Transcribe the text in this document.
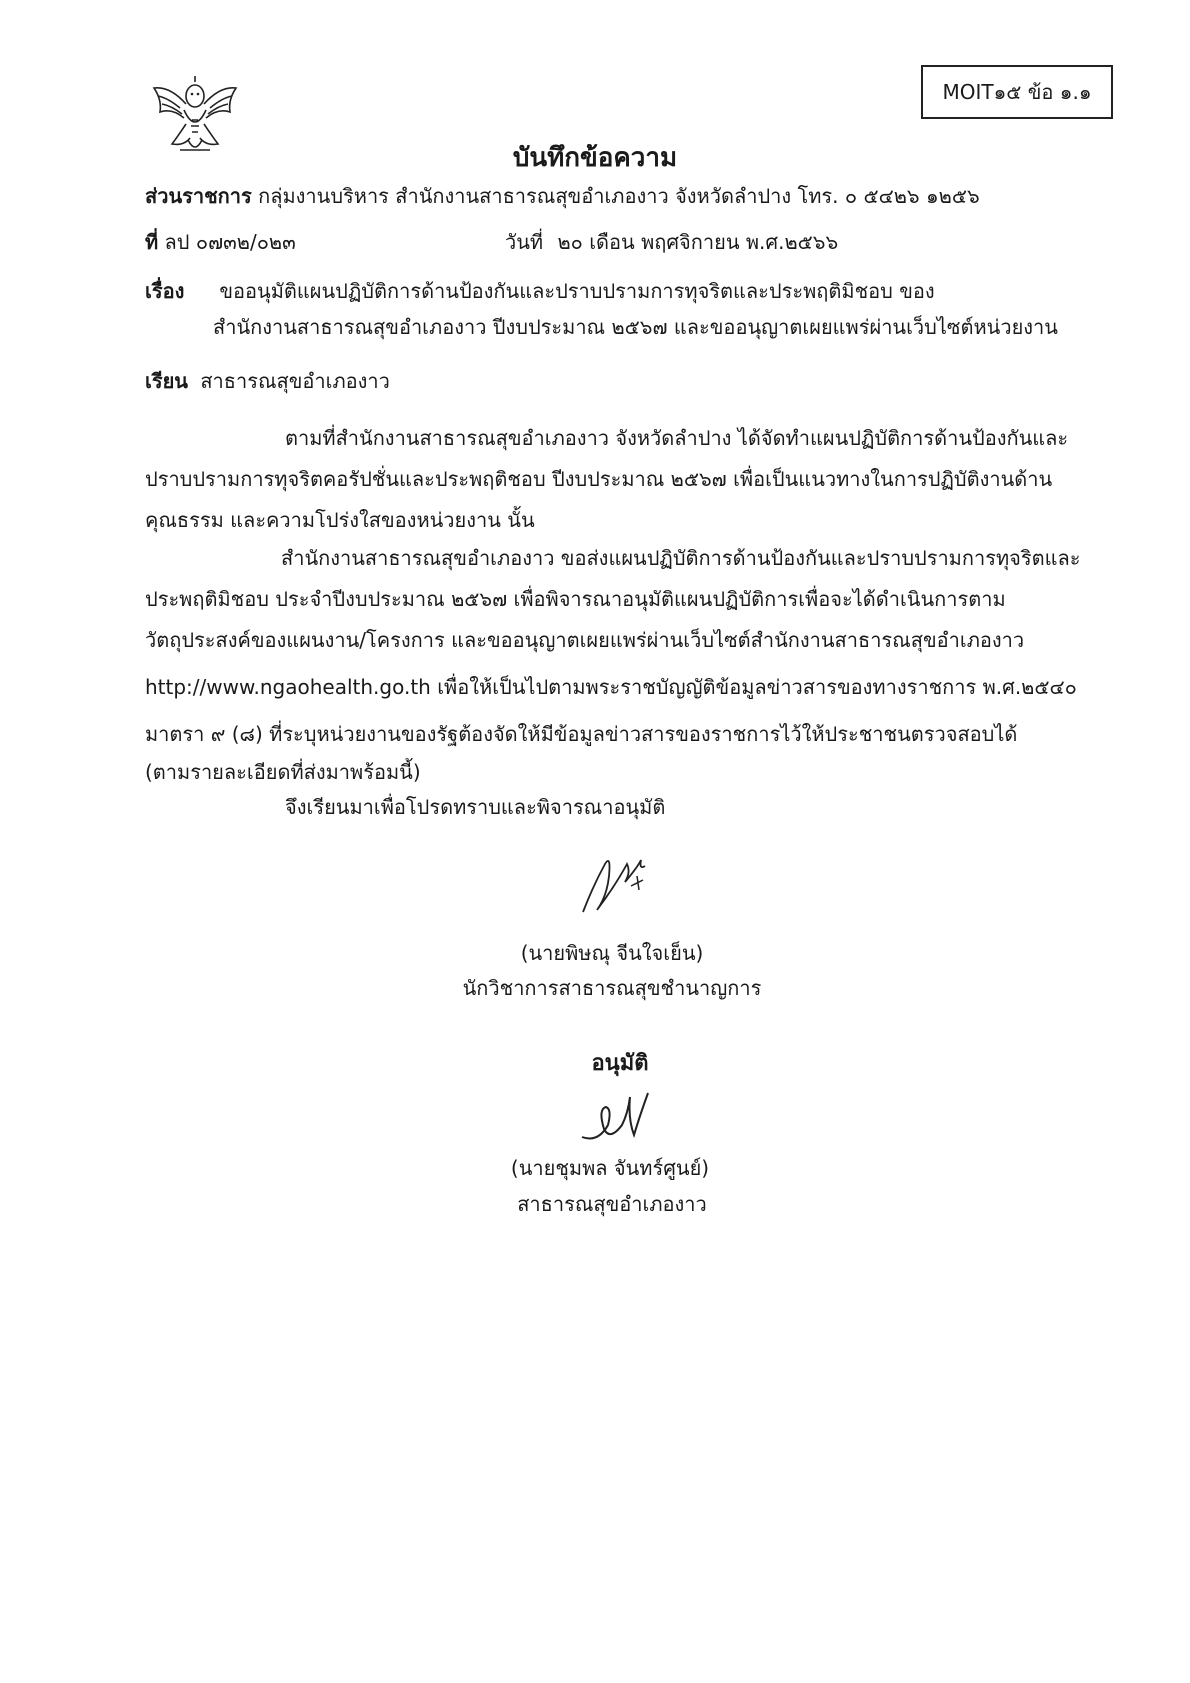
MOIT๑๕ ข้อ ๑.๑
บันทึกข้อความ
ส่วนราชการ กลุ่มงานบริหาร สำนักงานสาธารณสุขอำเภองาว จังหวัดลำปาง โทร. ๐ ๕๔๒๖ ๑๒๕๖
ที่ ลป ๐๗๓๒/๐๒๓	วันที่ ๒๐ เดือน พฤศจิกายน พ.ศ.๒๕๖๖
เรื่อง ขออนุมัติแผนปฏิบัติการด้านป้องกันและปราบปรามการทุจริตและประพฤติมิชอบ ของ
สำนักงานสาธารณสุขอำเภองาว ปีงบประมาณ ๒๕๖๗ และขออนุญาตเผยแพร่ผ่านเว็บไซต์หน่วยงาน
เรียน สาธารณสุขอำเภองาว
ตามที่สำนักงานสาธารณสุขอำเภองาว จังหวัดลำปาง ได้จัดทำแผนปฏิบัติการด้านป้องกันและ
ปราบปรามการทุจริตคอรัปชั่นและประพฤติชอบ ปีงบประมาณ ๒๕๖๗ เพื่อเป็นแนวทางในการปฏิบัติงานด้าน
คุณธรรม และความโปร่งใสของหน่วยงาน นั้น
สำนักงานสาธารณสุขอำเภองาว ขอส่งแผนปฏิบัติการด้านป้องกันและปราบปรามการทุจริตและ
ประพฤติมิชอบ ประจำปีงบประมาณ ๒๕๖๗ เพื่อพิจารณาอนุมัติแผนปฏิบัติการเพื่อจะได้ดำเนินการตาม
วัตถุประสงค์ของแผนงาน/โครงการ และขออนุญาตเผยแพร่ผ่านเว็บไซต์สำนักงานสาธารณสุขอำเภองาว
http://www.ngaohealth.go.th เพื่อให้เป็นไปตามพระราชบัญญัติข้อมูลข่าวสารของทางราชการ พ.ศ.๒๕๔๐
มาตรา ๙ (๘) ที่ระบุหน่วยงานของรัฐต้องจัดให้มีข้อมูลข่าวสารของราชการไว้ให้ประชาชนตรวจสอบได้
(ตามรายละเอียดที่ส่งมาพร้อมนี้)
จึงเรียนมาเพื่อโปรดทราบและพิจารณาอนุมัติ
(นายพิษณุ จีนใจเย็น)
นักวิชาการสาธารณสุขชำนาญการ
อนุมัติ
(นายชุมพล จันทร์ศูนย์)
สาธารณสุขอำเภองาว
